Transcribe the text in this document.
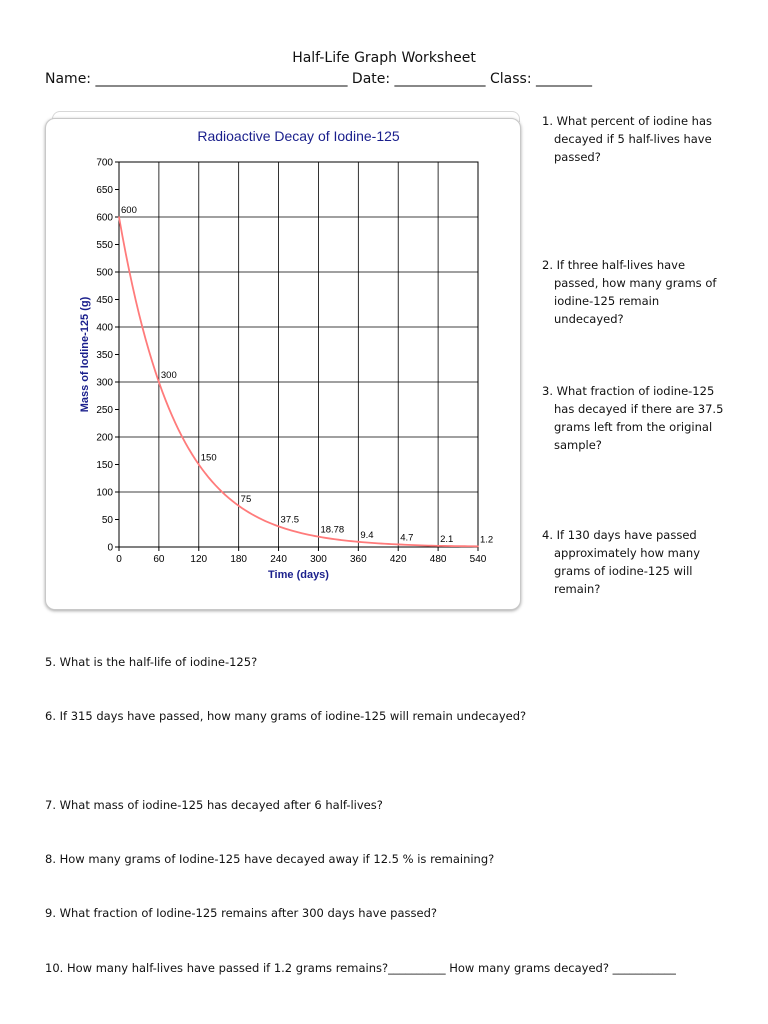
Half-Life Graph Worksheet
Name: ____________________________________ Date: _____________ Class: ________
Radioactive Decay of Iodine-125
0	60	120 180 240 300 360 420 480 540
0
50
100
150
200
250
300
350
400
450
500
550
600
650
700
Time (days)
Mass of Iodine-125 (g)
600
300
150
75
37.5
18.78 9.4	4.7	2.1	1.2
1. What percent of iodine has decayed if 5 half-lives have passed?
2. If three half-lives have passed, how many grams of iodine-125 remain undecayed?
3. What fraction of iodine-125 has decayed if there are 37.5 grams left from the original sample?
4. If 130 days have passed approximately how many grams of iodine-125 will remain?
5. What is the half-life of iodine-125?
6. If 315 days have passed, how many grams of iodine-125 will remain undecayed?
7. What mass of iodine-125 has decayed after 6 half-lives?
8. How many grams of Iodine-125 have decayed away if 12.5 % is remaining?
9. What fraction of Iodine-125 remains after 300 days have passed?
10. How many half-lives have passed if 1.2 grams remains?__________ How many grams decayed? ___________
